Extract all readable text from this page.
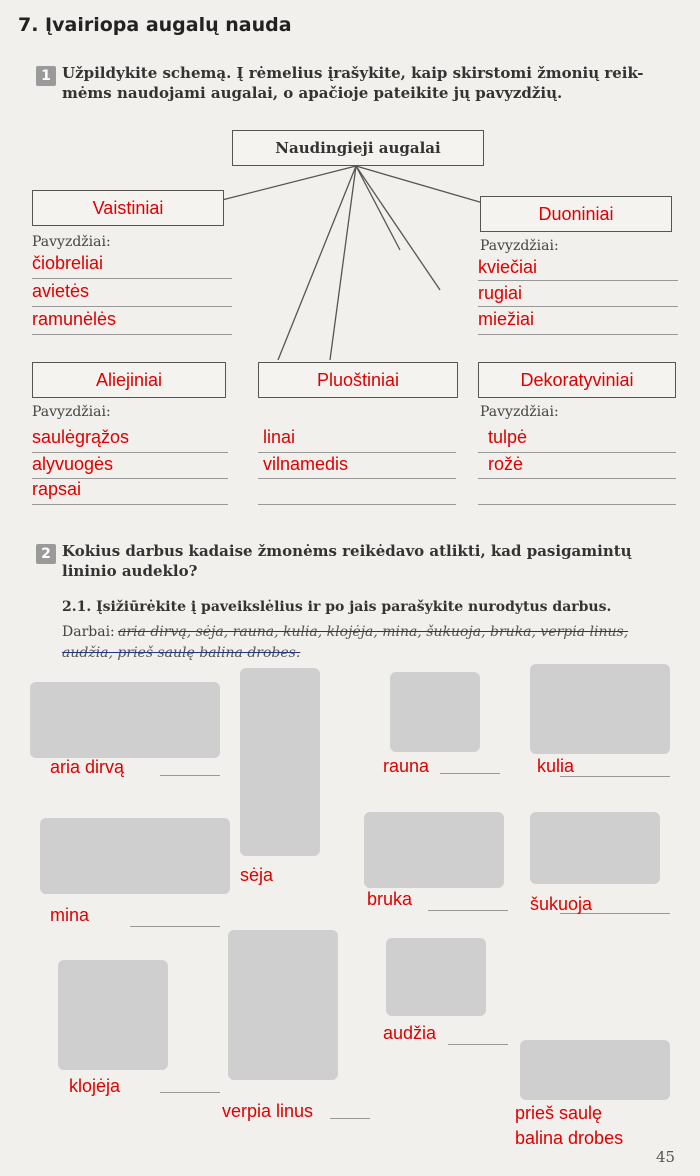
7. Įvairiopa augalų nauda
1 Užpildykite schemą. Į rėmelius įrašykite, kaip skirstomi žmonių reik-
mėms naudojami augalai, o apačioje pateikite jų pavyzdžių.
Naudingieji augalai
Vaistiniai
Pavyzdžiai:
čiobreliai
avietės
ramunėlės
Duoniniai
Pavyzdžiai:
kviečiai
rugiai
miežiai
Aliejiniai
Pavyzdžiai:
saulėgrąžos
alyvuogės
rapsai
Pluoštiniai
linai
vilnamedis
Dekoratyviniai
Pavyzdžiai:
tulpė
rožė
2 Kokius darbus kadaise žmonėms reikėdavo atlikti, kad pasigamintų
lininio audeklo?
2.1. Įsižiūrėkite į paveikslėlius ir po jais parašykite nurodytus darbus.
Darbai: aria dirvą, sėja, rauna, kulia, klojėja, mina, šukuoja, bruka, verpia linus,
audžia, prieš saulę balina drobes.
aria dirvą	rauna	kulia
sėja
mina
bruka	šukuoja
audžia
klojėja
verpia linus	prieš saulę
balina drobes
45
